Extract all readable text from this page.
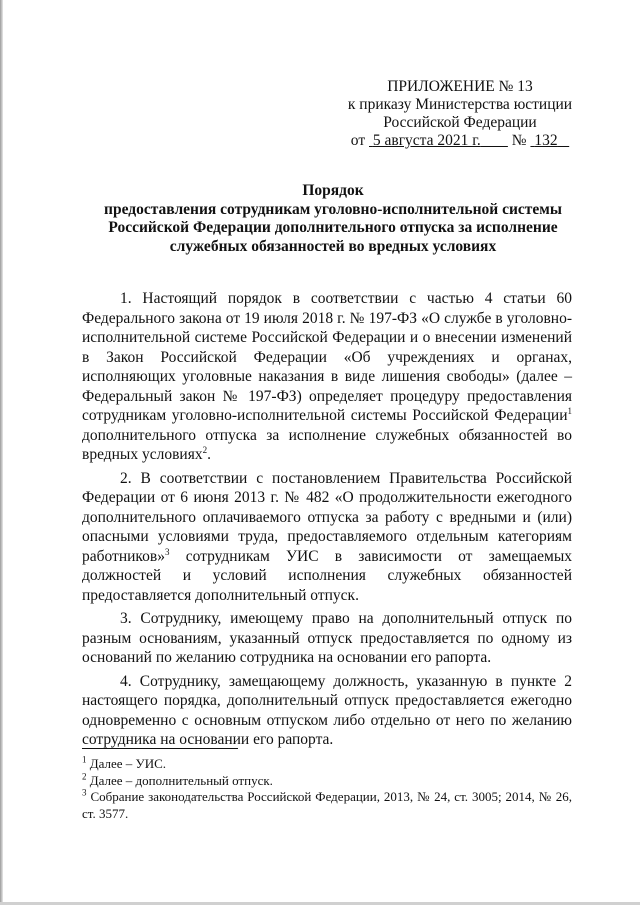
ПРИЛОЖЕНИЕ № 13
к приказу Министерства юстиции
Российской Федерации
от 5 августа 2021 г. № 132
Порядок
предоставления сотрудникам уголовно-исполнительной системы
Российской Федерации дополнительного отпуска за исполнение
служебных обязанностей во вредных условиях

1. Настоящий порядок в соответствии с частью 4 статьи 60 Федерального закона от 19 июля 2018 г. № 197-ФЗ «О службе в уголовно-исполнительной системе Российской Федерации и о внесении изменений в Закон Российской Федерации «Об учреждениях и органах, исполняющих уголовные наказания в виде лишения свободы» (далее – Федеральный закон № 197-ФЗ) определяет процедуру предоставления сотрудникам уголовно-исполнительной системы Российской Федерации$^1$ дополнительного отпуска за исполнение служебных обязанностей во вредных условиях$^2$.

2. В соответствии с постановлением Правительства Российской Федерации от 6 июня 2013 г. № 482 «О продолжительности ежегодного дополнительного оплачиваемого отпуска за работу с вредными и (или) опасными условиями труда, предоставляемого отдельным категориям работников»$^3$ сотрудникам УИС в зависимости от замещаемых должностей и условий исполнения служебных обязанностей предоставляется дополнительный отпуск.

3. Сотруднику, имеющему право на дополнительный отпуск по разным основаниям, указанный отпуск предоставляется по одному из оснований по желанию сотрудника на основании его рапорта.

4. Сотруднику, замещающему должность, указанную в пункте 2 настоящего порядка, дополнительный отпуск предоставляется ежегодно одновременно с основным отпуском либо отдельно от него по желанию сотрудника на основании его рапорта.

$^1$ Далее – УИС.

$^2$ Далее – дополнительный отпуск.

$^3$ Собрание законодательства Российской Федерации, 2013, № 24, ст. 3005; 2014, № 26, ст. 3577.
